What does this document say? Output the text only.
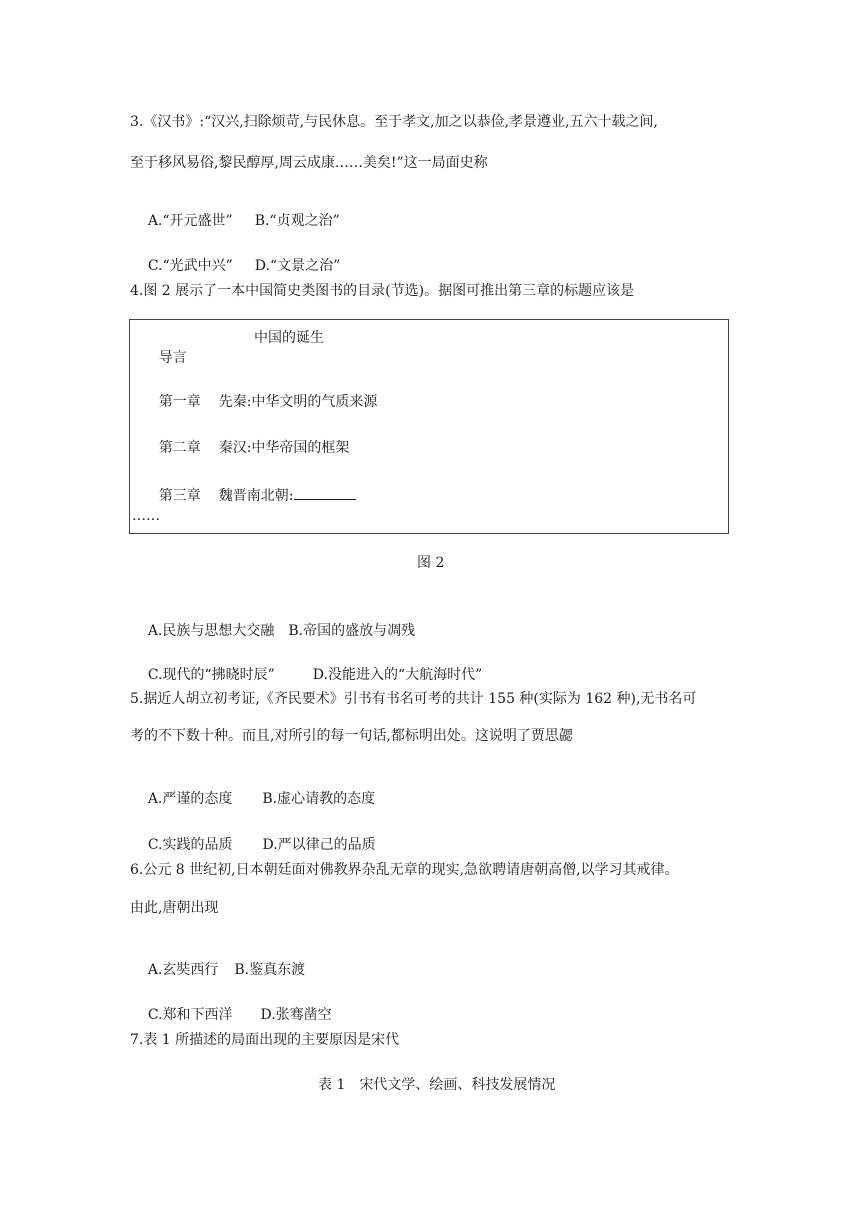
3.《汉书》:“汉兴,扫除烦苛,与民休息。至于孝文,加之以恭俭,孝景遵业,五六十载之间,
至于移风易俗,黎民醇厚,周云成康……美矣!”这一局面史称

A.“开元盛世” B.“贞观之治”

C.“光武中兴” D.“文景之治”

4.图 2 展示了一本中国简史类图书的目录(节选)。据图可推出第三章的标题应该是

导言

中国的诞生

第一章 先秦:中华文明的气质来源

第二章 秦汉:中华帝国的框架

第三章 魏晋南北朝:

……
图 2

A.民族与思想大交融 B.帝国的盛放与凋残

C.现代的“拂晓时辰”	D.没能进入的“大航海时代”

5.据近人胡立初考证,《齐民要术》引书有书名可考的共计 155 种(实际为 162 种),无书名可
考的不下数十种。而且,对所引的每一句话,都标明出处。这说明了贾思勰

A.严谨的态度 B.虚心请教的态度

C.实践的品质 D.严以律己的品质

6.公元 8 世纪初,日本朝廷面对佛教界杂乱无章的现实,急欲聘请唐朝高僧,以学习其戒律。
由此,唐朝出现

A.玄奘西行 B.鉴真东渡

C.郑和下西洋 D.张骞凿空

7.表 1 所描述的局面出现的主要原因是宋代
表 1　宋代文学、绘画、科技发展情况
